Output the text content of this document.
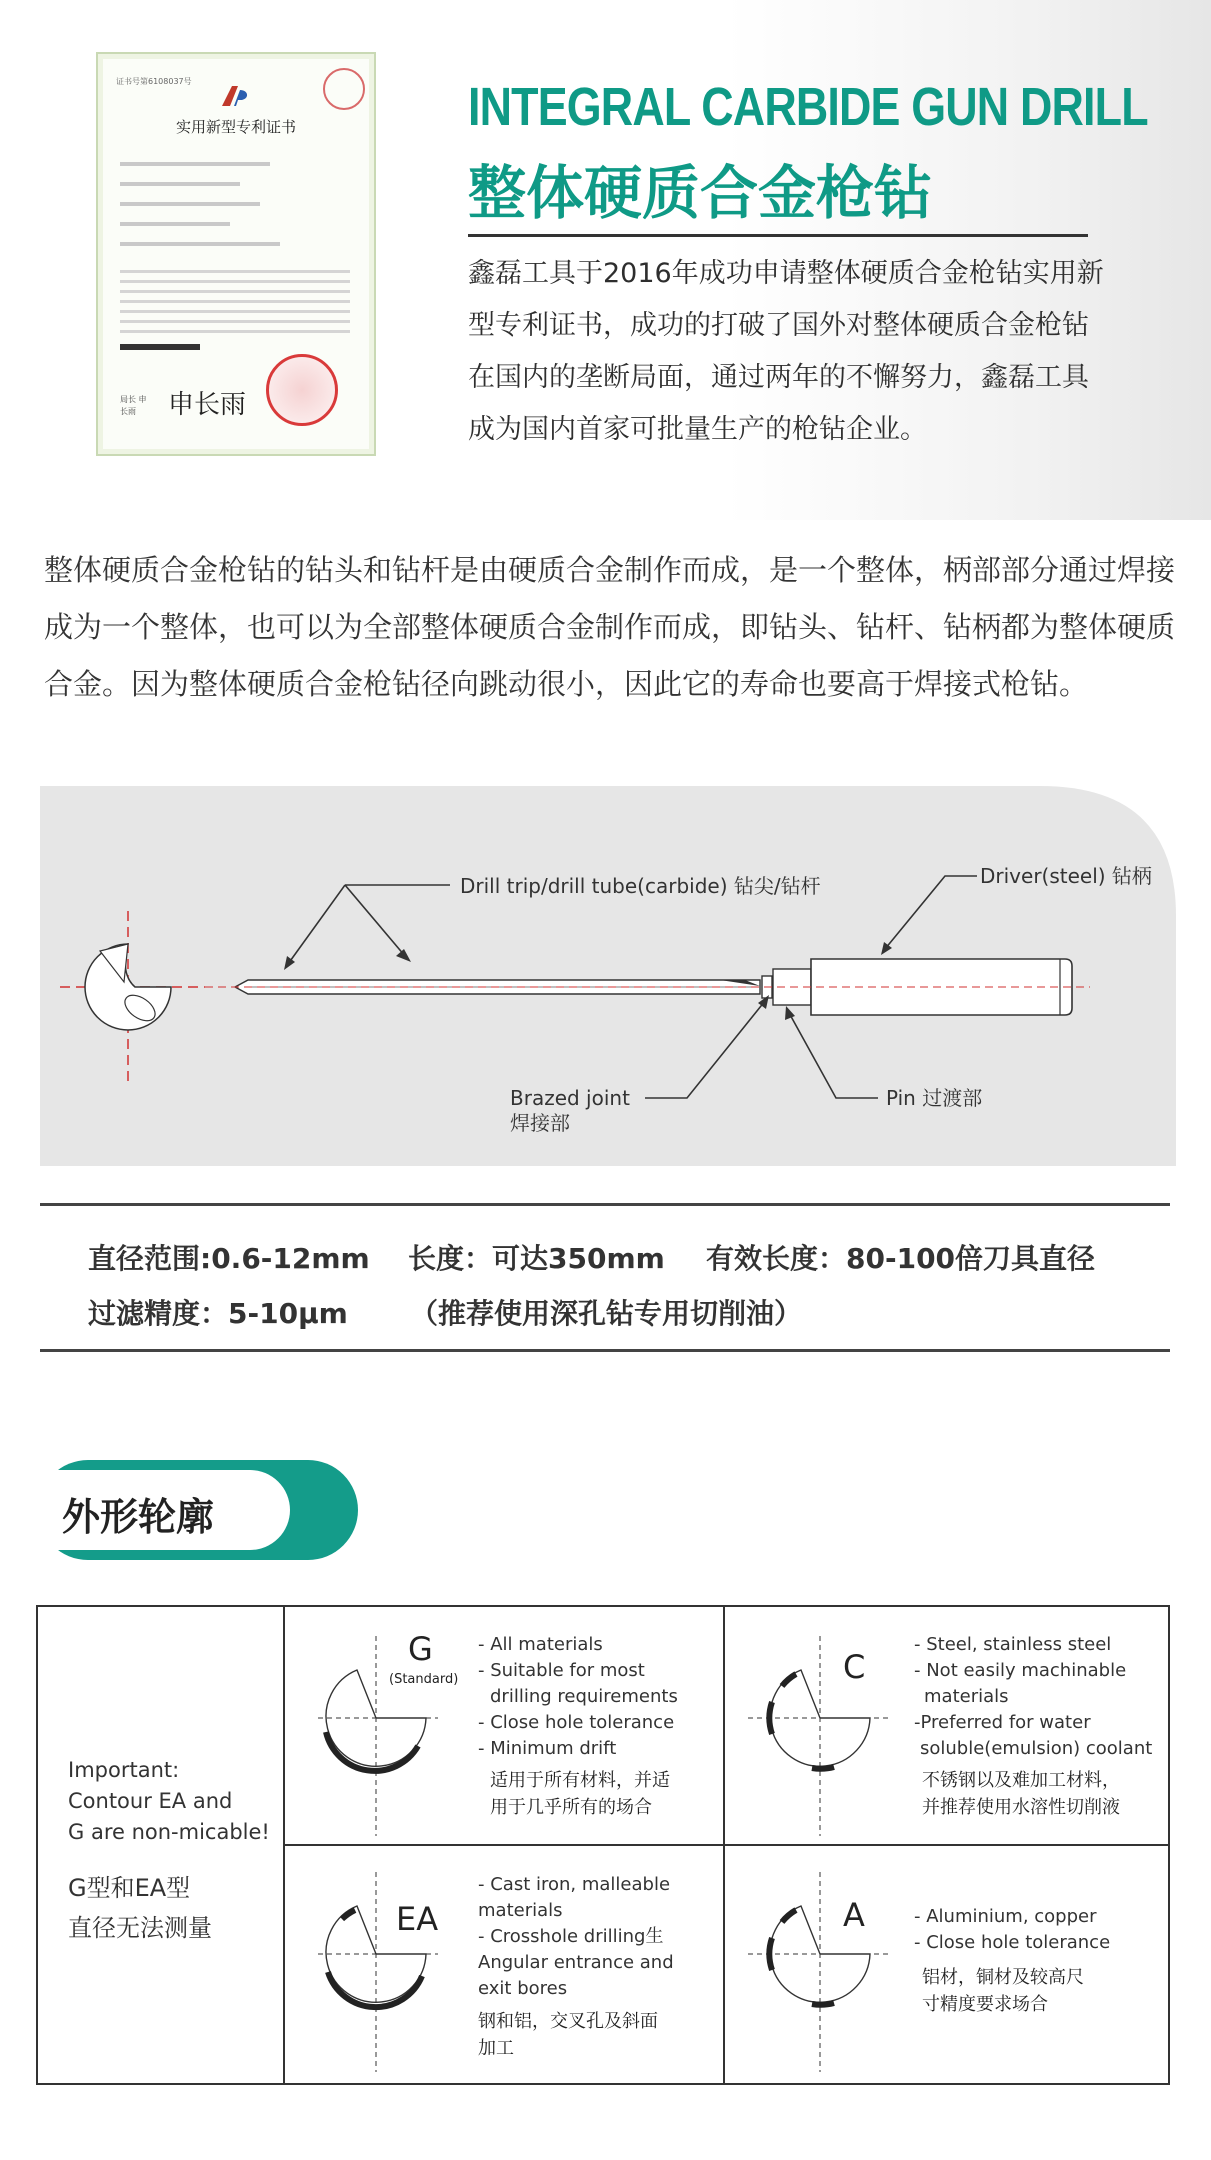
证书号第6108037号
实用新型专利证书
申长雨
局长 申长雨
INTEGRAL CARBIDE GUN DRILL
整体硬质合金枪钻
鑫磊工具于2016年成功申请整体硬质合金枪钻实用新型专利证书，成功的打破了国外对整体硬质合金枪钻在国内的垄断局面，通过两年的不懈努力，鑫磊工具成为国内首家可批量生产的枪钻企业。
整体硬质合金枪钻的钻头和钻杆是由硬质合金制作而成，是一个整体，柄部部分通过焊接成为一个整体，也可以为全部整体硬质合金制作而成，即钻头、钻杆、钻柄都为整体硬质合金。因为整体硬质合金枪钻径向跳动很小，因此它的寿命也要高于焊接式枪钻。
Drill trip/drill tube(carbide) 钻尖/钻杆	Driver(steel) 钻柄
Brazed joint
焊接部
Pin 过渡部
直径范围:0.6-12mm 长度：可达350mm 有效长度：80-100倍刀具直径
过滤精度：5-10μm （推荐使用深孔钻专用切削油）
外形轮廓
Important:
Contour EA and
G are non-micable!
G型和EA型
直径无法测量
G
(Standard)
- All materials
- Suitable for most
drilling requirements
- Close hole tolerance
- Minimum drift
适用于所有材料，并适
用于几乎所有的场合
C
- Steel, stainless steel
- Not easily machinable
materials
-Preferred for water
soluble(emulsion) coolant
不锈钢以及难加工材料，
并推荐使用水溶性切削液
EA
- Cast iron, malleable
materials
- Crosshole drilling生
Angular entrance and
exit bores
钢和铝，交叉孔及斜面
加工
A	- Aluminium, copper
- Close hole tolerance
铝材，铜材及较高尺
寸精度要求场合
